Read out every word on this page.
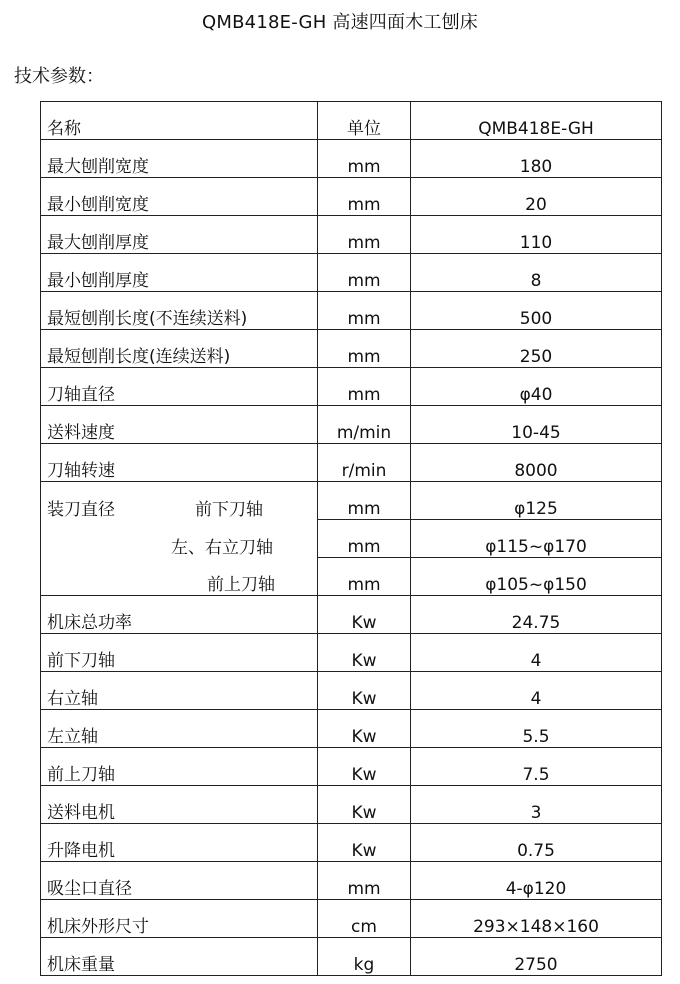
QMB418E-GH 高速四面木工刨床
技术参数：
名称	单位	QMB418E-GH
最大刨削宽度	mm	180
最小刨削宽度	mm	20
最大刨削厚度	mm	110
最小刨削厚度	mm	8
最短刨削长度(不连续送料)	mm	500
最短刨削长度(连续送料)	mm	250
刀轴直径	mm	φ40
送料速度	m/min	10-45
刀轴转速	r/min	8000
装刀直径 前下刀轴	mm	φ125
左、右立刀轴	mm	φ115~φ170
前上刀轴	mm	φ105~φ150
机床总功率	Kw	24.75
前下刀轴	Kw	4
右立轴	Kw	4
左立轴	Kw	5.5
前上刀轴	Kw	7.5
送料电机	Kw	3
升降电机	Kw	0.75
吸尘口直径	mm	4-φ120
机床外形尺寸	cm	293×148×160
机床重量	kg	2750
